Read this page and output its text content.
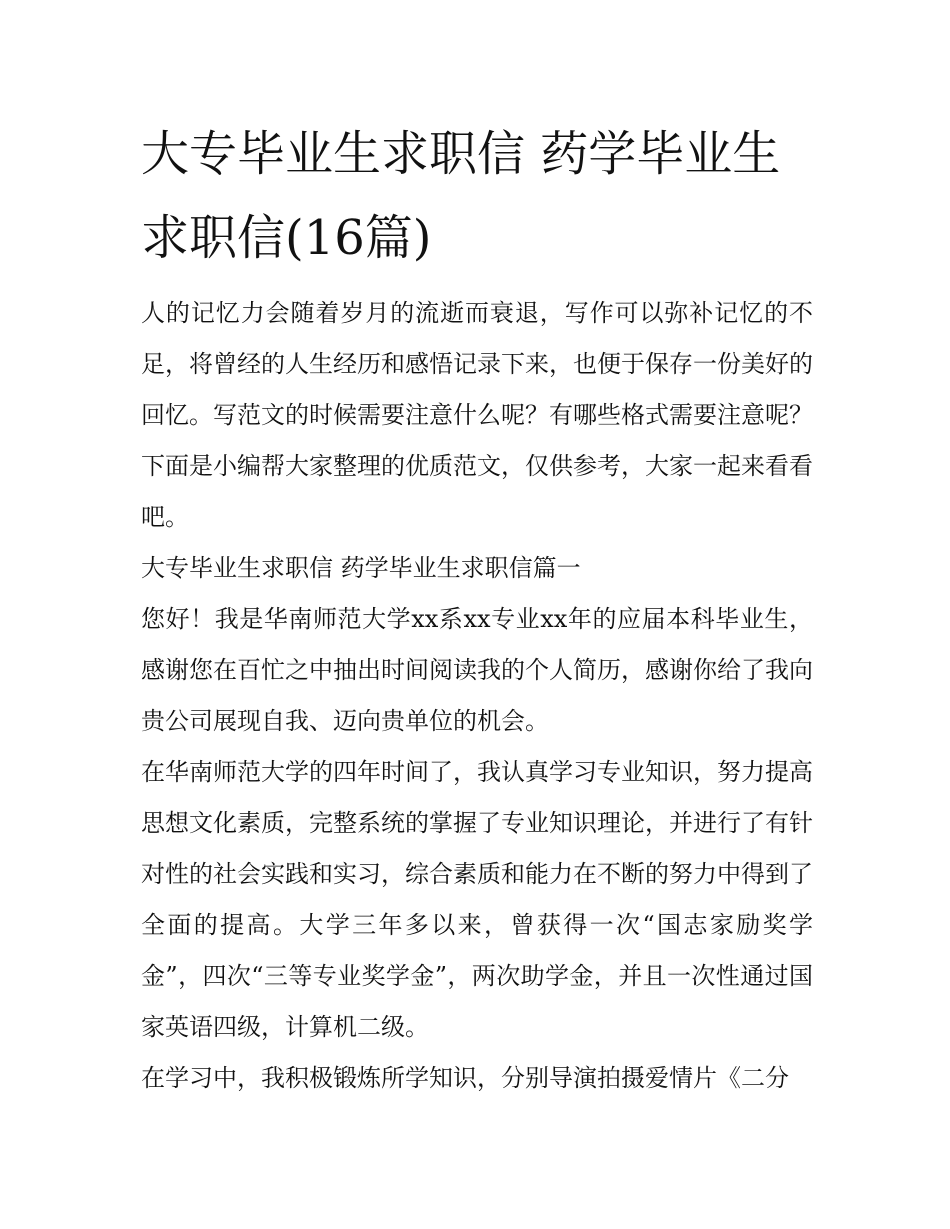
大专毕业生求职信 药学毕业生求职信(16篇)

人的记忆力会随着岁月的流逝而衰退，写作可以弥补记忆的不足，将曾经的人生经历和感悟记录下来，也便于保存一份美好的回忆。写范文的时候需要注意什么呢？有哪些格式需要注意呢？下面是小编帮大家整理的优质范文，仅供参考，大家一起来看看吧。

大专毕业生求职信 药学毕业生求职信篇一

您好！我是华南师范大学xx系xx专业xx年的应届本科毕业生，感谢您在百忙之中抽出时间阅读我的个人简历，感谢你给了我向贵公司展现自我、迈向贵单位的机会。

在华南师范大学的四年时间了，我认真学习专业知识，努力提高思想文化素质，完整系统的掌握了专业知识理论，并进行了有针对性的社会实践和实习，综合素质和能力在不断的努力中得到了全面的提高。大学三年多以来，曾获得一次“国志家励奖学金”，四次“三等专业奖学金”，两次助学金，并且一次性通过国家英语四级，计算机二级。

在学习中，我积极锻炼所学知识，分别导演拍摄爱情片《二分
